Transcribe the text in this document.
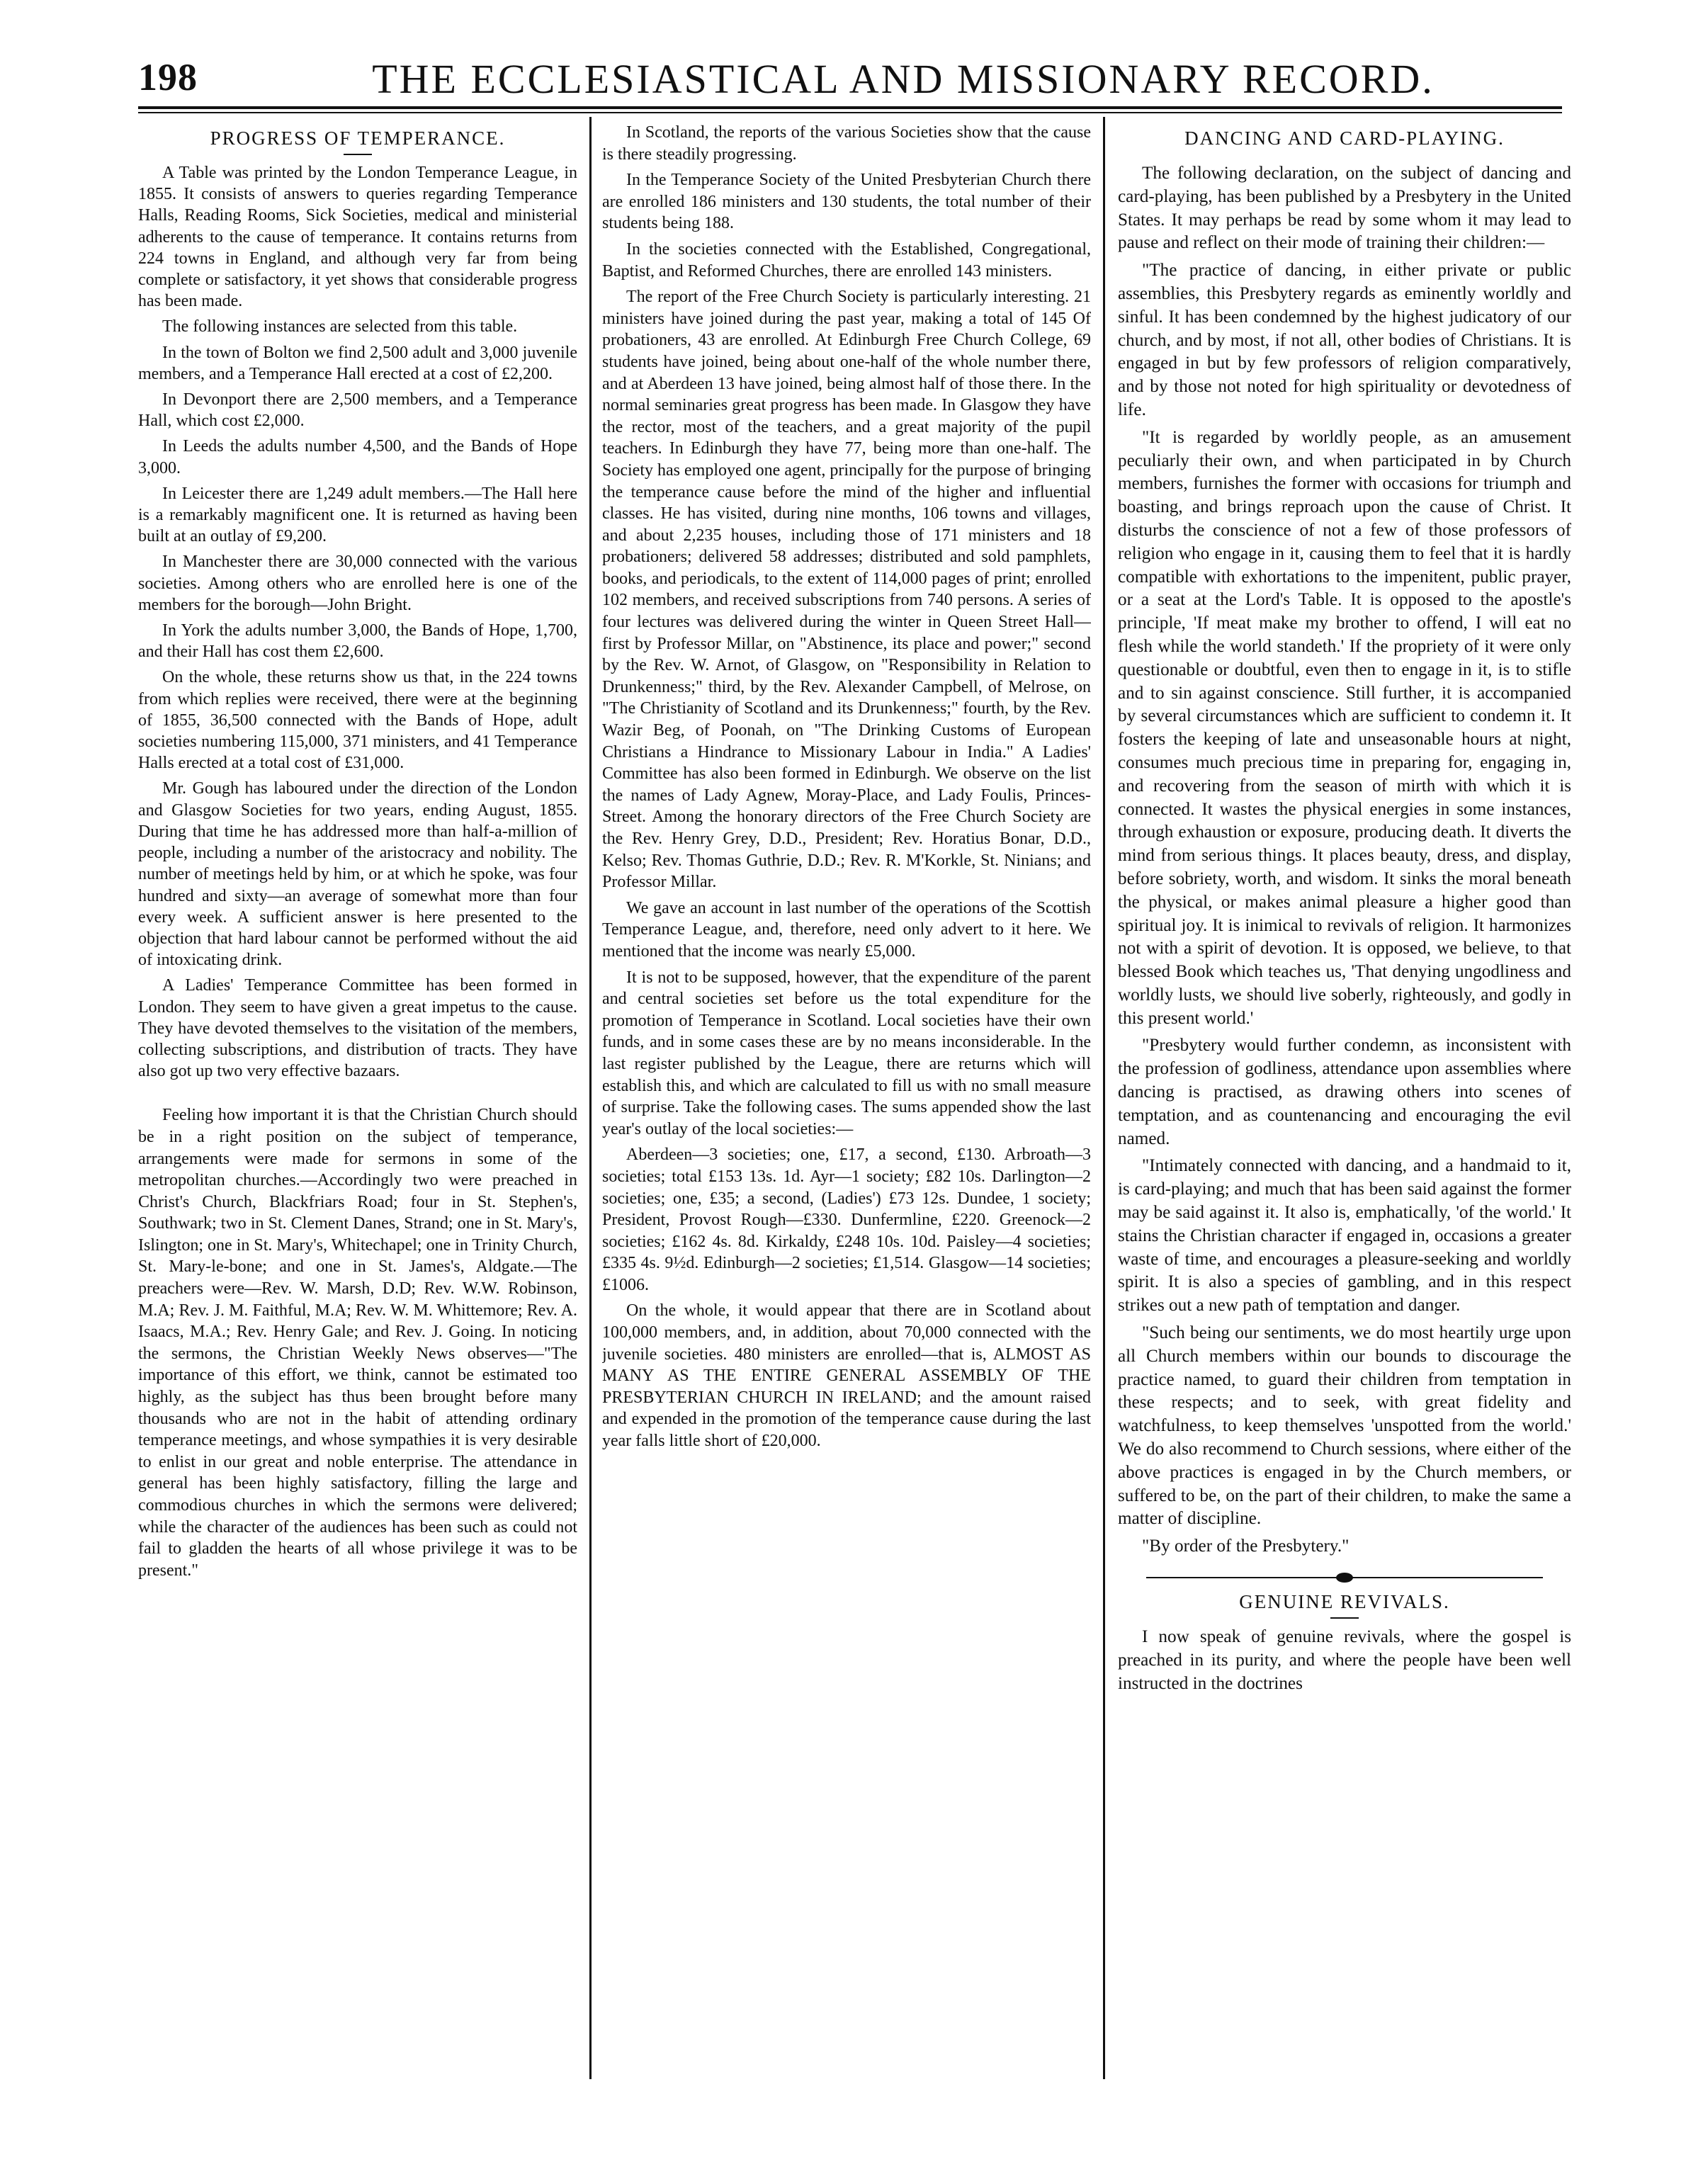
198	THE ECCLESIASTICAL AND MISSIONARY RECORD.
PROGRESS OF TEMPERANCE.

A Table was printed by the London Temperance League, in 1855. It consists of answers to queries regarding Temperance Halls, Reading Rooms, Sick Societies, medical and ministerial adherents to the cause of temperance. It contains returns from 224 towns in England, and although very far from being complete or satisfactory, it yet shows that considerable progress has been made.

The following instances are selected from this table.

In the town of Bolton we find 2,500 adult and 3,000 juvenile members, and a Temperance Hall erected at a cost of £2,200.

In Devonport there are 2,500 members, and a Temperance Hall, which cost £2,000.

In Leeds the adults number 4,500, and the Bands of Hope 3,000.

In Leicester there are 1,249 adult members.—The Hall here is a remarkably magnificent one. It is returned as having been built at an outlay of £9,200.

In Manchester there are 30,000 connected with the various societies. Among others who are enrolled here is one of the members for the borough—John Bright.

In York the adults number 3,000, the Bands of Hope, 1,700, and their Hall has cost them £2,600.

On the whole, these returns show us that, in the 224 towns from which replies were received, there were at the beginning of 1855, 36,500 connected with the Bands of Hope, adult societies numbering 115,000, 371 ministers, and 41 Temperance Halls erected at a total cost of £31,000.

Mr. Gough has laboured under the direction of the London and Glasgow Societies for two years, ending August, 1855. During that time he has addressed more than half-a-million of people, including a number of the aristocracy and nobility. The number of meetings held by him, or at which he spoke, was four hundred and sixty—an average of somewhat more than four every week. A sufficient answer is here presented to the objection that hard labour cannot be performed without the aid of intoxicating drink.

A Ladies' Temperance Committee has been formed in London. They seem to have given a great impetus to the cause. They have devoted themselves to the visitation of the members, collecting subscriptions, and distribution of tracts. They have also got up two very effective bazaars.

Feeling how important it is that the Christian Church should be in a right position on the subject of temperance, arrangements were made for sermons in some of the metropolitan churches.—Accordingly two were preached in Christ's Church, Blackfriars Road; four in St. Stephen's, Southwark; two in St. Clement Danes, Strand; one in St. Mary's, Islington; one in St. Mary's, Whitechapel; one in Trinity Church, St. Mary-le-bone; and one in St. James's, Aldgate.—The preachers were—Rev. W. Marsh, D.D; Rev. W.W. Robinson, M.A; Rev. J. M. Faithful, M.A; Rev. W. M. Whittemore; Rev. A. Isaacs, M.A.; Rev. Henry Gale; and Rev. J. Going. In noticing the sermons, the Christian Weekly News observes—"The importance of this effort, we think, cannot be estimated too highly, as the subject has thus been brought before many thousands who are not in the habit of attending ordinary temperance meetings, and whose sympathies it is very desirable to enlist in our great and noble enterprise. The attendance in general has been highly satisfactory, filling the large and commodious churches in which the sermons were delivered; while the character of the audiences has been such as could not fail to gladden the hearts of all whose privilege it was to be present."

In Scotland, the reports of the various Societies show that the cause is there steadily progressing.

In the Temperance Society of the United Presbyterian Church there are enrolled 186 ministers and 130 students, the total number of their students being 188.

In the societies connected with the Established, Congregational, Baptist, and Reformed Churches, there are enrolled 143 ministers.

The report of the Free Church Society is particularly interesting. 21 ministers have joined during the past year, making a total of 145 Of probationers, 43 are enrolled. At Edinburgh Free Church College, 69 students have joined, being about one-half of the whole number there, and at Aberdeen 13 have joined, being almost half of those there. In the normal seminaries great progress has been made. In Glasgow they have the rector, most of the teachers, and a great majority of the pupil teachers. In Edinburgh they have 77, being more than one-half. The Society has employed one agent, principally for the purpose of bringing the temperance cause before the mind of the higher and influential classes. He has visited, during nine months, 106 towns and villages, and about 2,235 houses, including those of 171 ministers and 18 probationers; delivered 58 addresses; distributed and sold pamphlets, books, and periodicals, to the extent of 114,000 pages of print; enrolled 102 members, and received subscriptions from 740 persons. A series of four lectures was delivered during the winter in Queen Street Hall—first by Professor Millar, on "Abstinence, its place and power;" second by the Rev. W. Arnot, of Glasgow, on "Responsibility in Relation to Drunkenness;" third, by the Rev. Alexander Campbell, of Melrose, on "The Christianity of Scotland and its Drunkenness;" fourth, by the Rev. Wazir Beg, of Poonah, on "The Drinking Customs of European Christians a Hindrance to Missionary Labour in India." A Ladies' Committee has also been formed in Edinburgh. We observe on the list the names of Lady Agnew, Moray-Place, and Lady Foulis, Princes-Street. Among the honorary directors of the Free Church Society are the Rev. Henry Grey, D.D., President; Rev. Horatius Bonar, D.D., Kelso; Rev. Thomas Guthrie, D.D.; Rev. R. M'Korkle, St. Ninians; and Professor Millar.

We gave an account in last number of the operations of the Scottish Temperance League, and, therefore, need only advert to it here. We mentioned that the income was nearly £5,000.

It is not to be supposed, however, that the expenditure of the parent and central societies set before us the total expenditure for the promotion of Temperance in Scotland. Local societies have their own funds, and in some cases these are by no means inconsiderable. In the last register published by the League, there are returns which will establish this, and which are calculated to fill us with no small measure of surprise. Take the following cases. The sums appended show the last year's outlay of the local societies:—

Aberdeen—3 societies; one, £17, a second, £130. Arbroath—3 societies; total £153 13s. 1d. Ayr—1 society; £82 10s. Darlington—2 societies; one, £35; a second, (Ladies') £73 12s. Dundee, 1 society; President, Provost Rough—£330. Dunfermline, £220. Greenock—2 societies; £162 4s. 8d. Kirkaldy, £248 10s. 10d. Paisley—4 societies; £335 4s. 9½d. Edinburgh—2 societies; £1,514. Glasgow—14 societies; £1006.

On the whole, it would appear that there are in Scotland about 100,000 members, and, in addition, about 70,000 connected with the juvenile societies. 480 ministers are enrolled—that is, ALMOST AS MANY AS THE ENTIRE GENERAL ASSEMBLY OF THE PRESBYTERIAN CHURCH IN IRELAND; and the amount raised and expended in the promotion of the temperance cause during the last year falls little short of £20,000.

DANCING AND CARD-PLAYING.

The following declaration, on the subject of dancing and card-playing, has been published by a Presbytery in the United States. It may perhaps be read by some whom it may lead to pause and reflect on their mode of training their children:—

"The practice of dancing, in either private or public assemblies, this Presbytery regards as eminently worldly and sinful. It has been condemned by the highest judicatory of our church, and by most, if not all, other bodies of Christians. It is engaged in but by few professors of religion comparatively, and by those not noted for high spirituality or devotedness of life.

"It is regarded by worldly people, as an amusement peculiarly their own, and when participated in by Church members, furnishes the former with occasions for triumph and boasting, and brings reproach upon the cause of Christ. It disturbs the conscience of not a few of those professors of religion who engage in it, causing them to feel that it is hardly compatible with exhortations to the impenitent, public prayer, or a seat at the Lord's Table. It is opposed to the apostle's principle, 'If meat make my brother to offend, I will eat no flesh while the world standeth.' If the propriety of it were only questionable or doubtful, even then to engage in it, is to stifle and to sin against conscience. Still further, it is accompanied by several circumstances which are sufficient to condemn it. It fosters the keeping of late and unseasonable hours at night, consumes much precious time in preparing for, engaging in, and recovering from the season of mirth with which it is connected. It wastes the physical energies in some instances, through exhaustion or exposure, producing death. It diverts the mind from serious things. It places beauty, dress, and display, before sobriety, worth, and wisdom. It sinks the moral beneath the physical, or makes animal pleasure a higher good than spiritual joy. It is inimical to revivals of religion. It harmonizes not with a spirit of devotion. It is opposed, we believe, to that blessed Book which teaches us, 'That denying ungodliness and worldly lusts, we should live soberly, righteously, and godly in this present world.'

"Presbytery would further condemn, as inconsistent with the profession of godliness, attendance upon assemblies where dancing is practised, as drawing others into scenes of temptation, and as countenancing and encouraging the evil named.

"Intimately connected with dancing, and a handmaid to it, is card-playing; and much that has been said against the former may be said against it. It also is, emphatically, 'of the world.' It stains the Christian character if engaged in, occasions a greater waste of time, and encourages a pleasure-seeking and worldly spirit. It is also a species of gambling, and in this respect strikes out a new path of temptation and danger.

"Such being our sentiments, we do most heartily urge upon all Church members within our bounds to discourage the practice named, to guard their children from temptation in these respects; and to seek, with great fidelity and watchfulness, to keep themselves 'unspotted from the world.' We do also recommend to Church sessions, where either of the above practices is engaged in by the Church members, or suffered to be, on the part of their children, to make the same a matter of discipline.

"By order of the Presbytery."

GENUINE REVIVALS.

I now speak of genuine revivals, where the gospel is preached in its purity, and where the people have been well instructed in the doctrines
